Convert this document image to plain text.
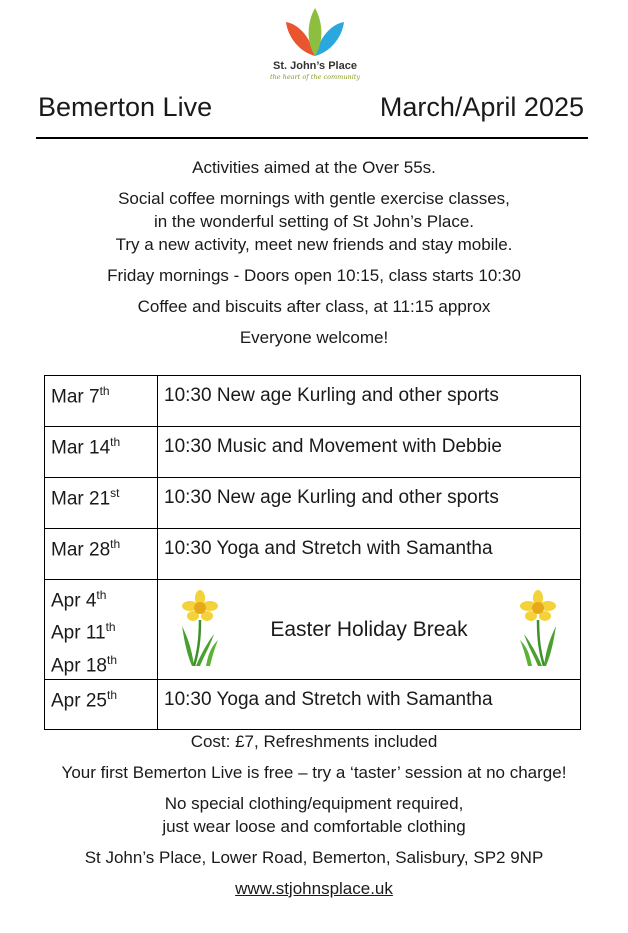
St. John’s Place
the heart of the community
Bemerton Live	March/April 2025

Activities aimed at the Over 55s.

Social coffee mornings with gentle exercise classes,

in the wonderful setting of St John’s Place.

Try a new activity, meet new friends and stay mobile.

Friday mornings - Doors open 10:15, class starts 10:30

Coffee and biscuits after class, at 11:15 approx

Everyone welcome!

Mar 7th	10:30 New age Kurling and other sports
Mar 14th	10:30 Music and Movement with Debbie
Mar 21st	10:30 New age Kurling and other sports
Mar 28th	10:30 Yoga and Stretch with Samantha

Apr 4th
Apr 11th
Apr 18th	Easter Holiday Break

Apr 25th	10:30 Yoga and Stretch with Samantha

Cost: £7, Refreshments included

Your first Bemerton Live is free – try a ‘taster’ session at no charge!

No special clothing/equipment required,

just wear loose and comfortable clothing

St John’s Place, Lower Road, Bemerton, Salisbury, SP2 9NP

www.stjohnsplace.uk
